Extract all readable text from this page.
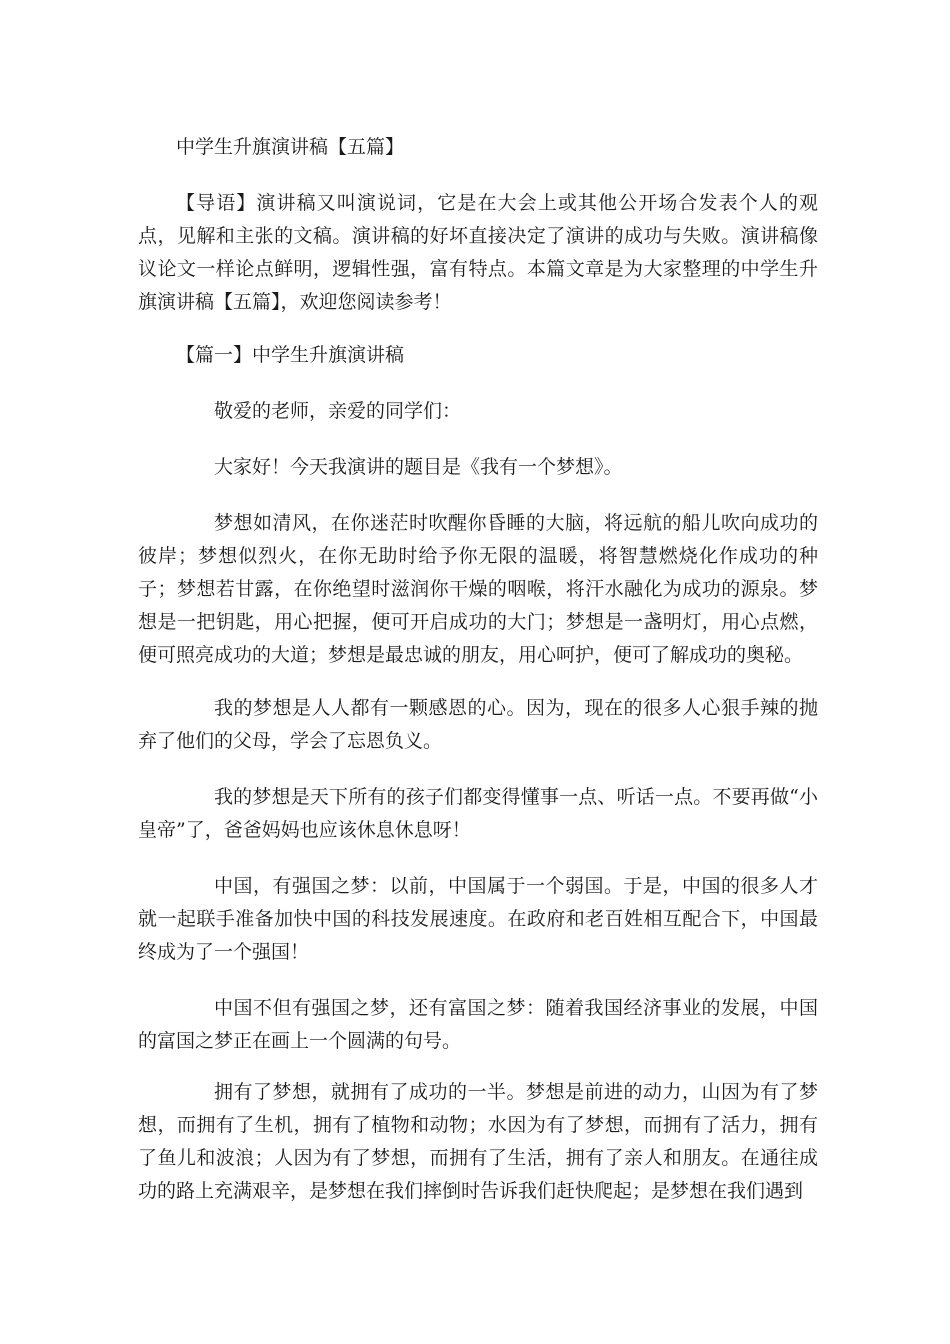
中学生升旗演讲稿【五篇】

【导语】演讲稿又叫演说词，它是在大会上或其他公开场合发表个人的观点，见解和主张的文稿。演讲稿的好坏直接决定了演讲的成功与失败。演讲稿像议论文一样论点鲜明，逻辑性强，富有特点。本篇文章是为大家整理的中学生升旗演讲稿【五篇】，欢迎您阅读参考！

【篇一】中学生升旗演讲稿

敬爱的老师，亲爱的同学们：

大家好！今天我演讲的题目是《我有一个梦想》。

梦想如清风，在你迷茫时吹醒你昏睡的大脑，将远航的船儿吹向成功的彼岸；梦想似烈火，在你无助时给予你无限的温暖，将智慧燃烧化作成功的种子；梦想若甘露，在你绝望时滋润你干燥的咽喉，将汗水融化为成功的源泉。梦想是一把钥匙，用心把握，便可开启成功的大门；梦想是一盏明灯，用心点燃，便可照亮成功的大道；梦想是最忠诚的朋友，用心呵护，便可了解成功的奥秘。

我的梦想是人人都有一颗感恩的心。因为，现在的很多人心狠手辣的抛弃了他们的父母，学会了忘恩负义。

我的梦想是天下所有的孩子们都变得懂事一点、听话一点。不要再做“小皇帝”了，爸爸妈妈也应该休息休息呀！

中国，有强国之梦：以前，中国属于一个弱国。于是，中国的很多人才就一起联手准备加快中国的科技发展速度。在政府和老百姓相互配合下，中国最终成为了一个强国！

中国不但有强国之梦，还有富国之梦：随着我国经济事业的发展，中国的富国之梦正在画上一个圆满的句号。

拥有了梦想，就拥有了成功的一半。梦想是前进的动力，山因为有了梦想，而拥有了生机，拥有了植物和动物；水因为有了梦想，而拥有了活力，拥有了鱼儿和波浪；人因为有了梦想，而拥有了生活，拥有了亲人和朋友。在通往成功的路上充满艰辛，是梦想在我们摔倒时告诉我们赶快爬起；是梦想在我们遇到
